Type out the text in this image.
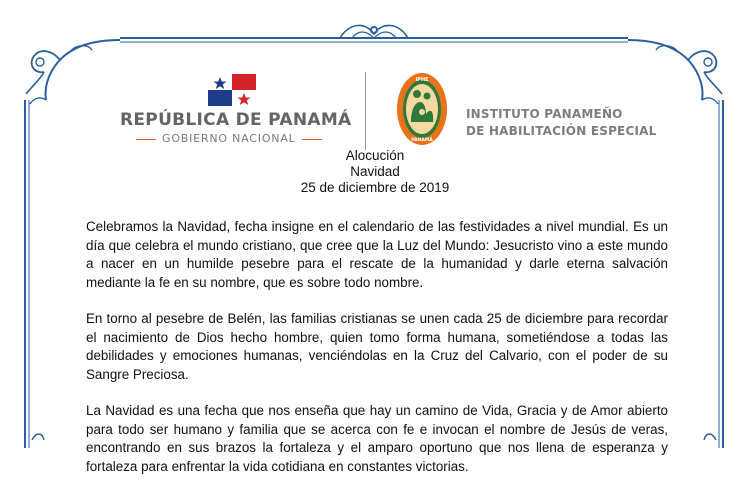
REPÚBLICA DE PANAMÁ
GOBIERNO NACIONAL
IPHE
PANAMÁ
INSTITUTO PANAMEÑO
DE HABILITACIÓN ESPECIAL
Alocución
Navidad
25 de diciembre de 2019

Celebramos la Navidad, fecha insigne en el calendario de las festividades a nivel mundial. Es un día que celebra el mundo cristiano, que cree que la Luz del Mundo: Jesucristo vino a este mundo a nacer en un humilde pesebre para el rescate de la humanidad y darle eterna salvación mediante la fe en su nombre, que es sobre todo nombre.

En torno al pesebre de Belén, las familias cristianas se unen cada 25 de diciembre para recordar el nacimiento de Dios hecho hombre, quien tomo forma humana, sometiéndose a todas las debilidades y emociones humanas, venciéndolas en la Cruz del Calvario, con el poder de su Sangre Preciosa.

La Navidad es una fecha que nos enseña que hay un camino de Vida, Gracia y de Amor abierto para todo ser humano y familia que se acerca con fe e invocan el nombre de Jesús de veras, encontrando en sus brazos la fortaleza y el amparo oportuno que nos llena de esperanza y fortaleza para enfrentar la vida cotidiana en constantes victorias.
